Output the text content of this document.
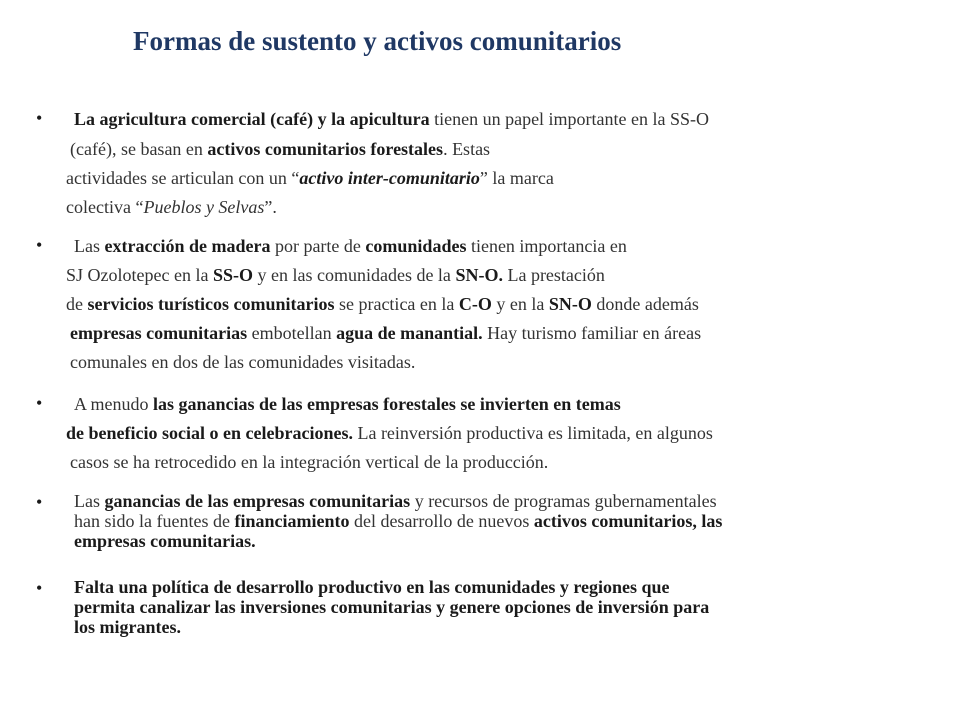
Formas de sustento y activos comunitarios
• La agricultura comercial (café) y la apicultura tienen un papel importante en la SS-O
(café), se basan en activos comunitarios forestales. Estas
actividades se articulan con un “activo inter-comunitario” la marca
colectiva “Pueblos y Selvas”.
• Las extracción de madera por parte de comunidades tienen importancia en
SJ Ozolotepec en la SS-O y en las comunidades de la SN-O. La prestación
de servicios turísticos comunitarios se practica en la C-O y en la SN-O donde además
empresas comunitarias embotellan agua de manantial. Hay turismo familiar en áreas
comunales en dos de las comunidades visitadas.
• A menudo las ganancias de las empresas forestales se invierten en temas
de beneficio social o en celebraciones. La reinversión productiva es limitada, en algunos
casos se ha retrocedido en la integración vertical de la producción.
• Las ganancias de las empresas comunitarias y recursos de programas gubernamentales
han sido la fuentes de financiamiento del desarrollo de nuevos activos comunitarios, las
empresas comunitarias.
• Falta una política de desarrollo productivo en las comunidades y regiones que
permita canalizar las inversiones comunitarias y genere opciones de inversión para
los migrantes.
